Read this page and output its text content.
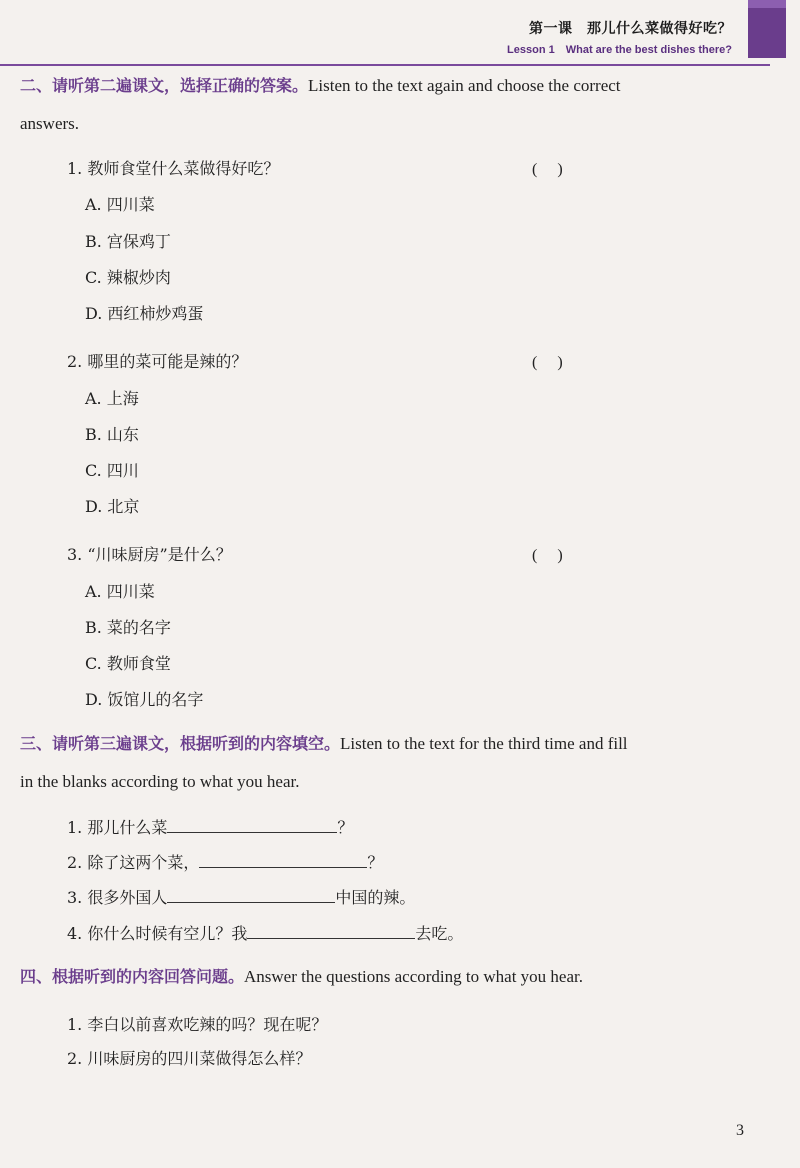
第一课　那儿什么菜做得好吃？
Lesson 1　What are the best dishes there?
二、请听第二遍课文，选择正确的答案。Listen to the text again and choose the correct
answers.
1. 教师食堂什么菜做得好吃？	(　 )
A. 四川菜
B. 宫保鸡丁
C. 辣椒炒肉
D. 西红柿炒鸡蛋
2. 哪里的菜可能是辣的？	(　 )
A. 上海
B. 山东
C. 四川
D. 北京
3. “川味厨房”是什么？	(　 )
A. 四川菜
B. 菜的名字
C. 教师食堂
D. 饭馆儿的名字
三、请听第三遍课文，根据听到的内容填空。Listen to the text for the third time and fill
in the blanks according to what you hear.
1. 那儿什么菜	？
2. 除了这两个菜，	？
3. 很多外国人	中国的辣。
4. 你什么时候有空儿？我	去吃。
四、根据听到的内容回答问题。Answer the questions according to what you hear.
1. 李白以前喜欢吃辣的吗？现在呢？
2. 川味厨房的四川菜做得怎么样？
3
